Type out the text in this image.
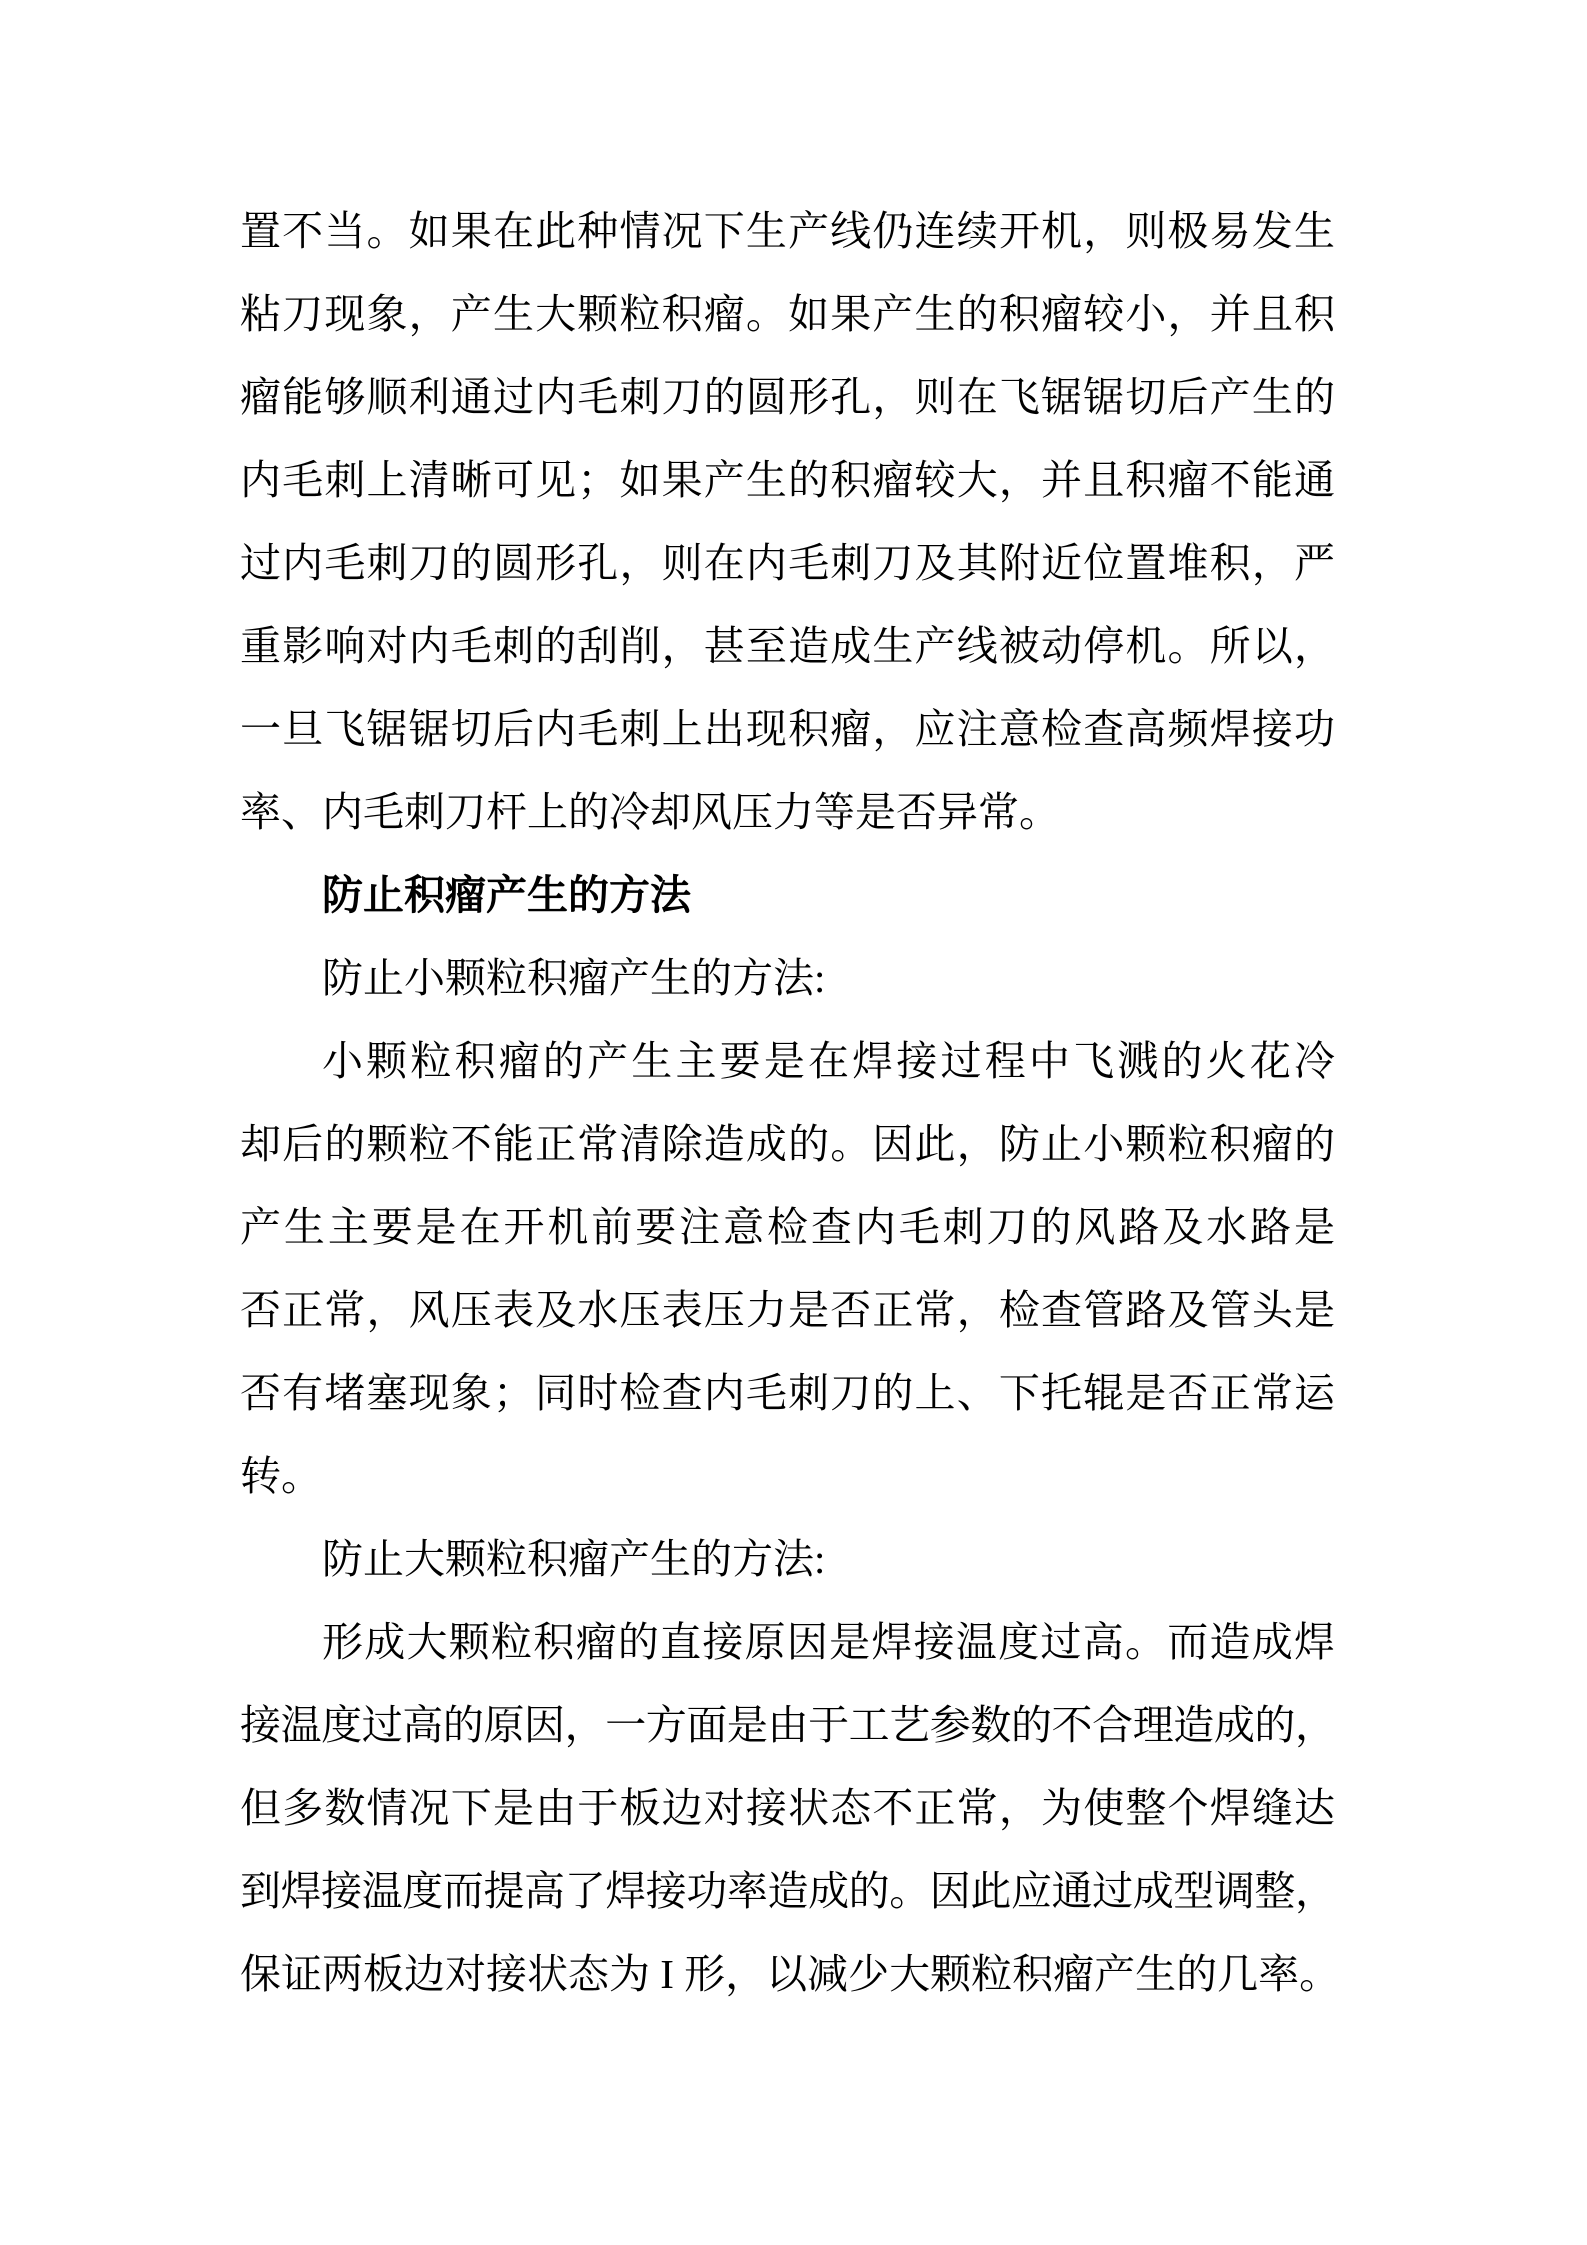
置不当。如果在此种情况下生产线仍连续开机，则极易发生
粘刀现象，产生大颗粒积瘤。如果产生的积瘤较小，并且积
瘤能够顺利通过内毛刺刀的圆形孔，则在飞锯锯切后产生的
内毛刺上清晰可见；如果产生的积瘤较大，并且积瘤不能通
过内毛刺刀的圆形孔，则在内毛刺刀及其附近位置堆积，严
重影响对内毛刺的刮削，甚至造成生产线被动停机。所以，
一旦飞锯锯切后内毛刺上出现积瘤，应注意检查高频焊接功
率、内毛刺刀杆上的冷却风压力等是否异常。
防止积瘤产生的方法
防止小颗粒积瘤产生的方法:
小颗粒积瘤的产生主要是在焊接过程中飞溅的火花冷
却后的颗粒不能正常清除造成的。因此，防止小颗粒积瘤的
产生主要是在开机前要注意检查内毛刺刀的风路及水路是
否正常，风压表及水压表压力是否正常，检查管路及管头是
否有堵塞现象；同时检查内毛刺刀的上、下托辊是否正常运
转。
防止大颗粒积瘤产生的方法:
形成大颗粒积瘤的直接原因是焊接温度过高。而造成焊
接温度过高的原因，一方面是由于工艺参数的不合理造成的，
但多数情况下是由于板边对接状态不正常，为使整个焊缝达
到焊接温度而提高了焊接功率造成的。因此应通过成型调整，
保证两板边对接状态为 I 形，以减少大颗粒积瘤产生的几率。
